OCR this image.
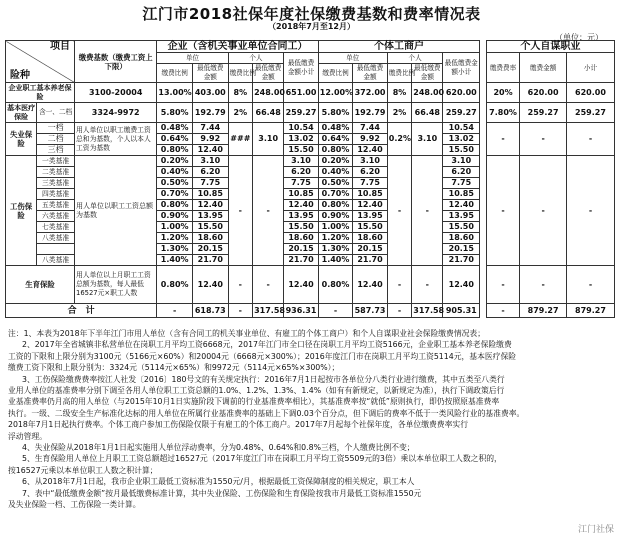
江门市2018社保年度社保缴费基数和费率情况表
（2018年7月至12月）
（单位：元）
项目
险种		缴费基数（缴费工资上下限）	企业（含机关事业单位合同工）					个体工商户						个人自谋职业		
			单位		个人		最低缴费金额小计	单位		个人		最低缴费金额小计		缴费费率	缴费金额	小计
			缴费比例	最低缴费金额	缴费比例	最低缴费金额		缴费比例	最低缴费金额	缴费比例	最低缴费金额					
企业职工基本养老保险		3100-20004	13.00%	403.00	8%	248.00	651.00	12.00%	372.00	8%	248.00	620.00		20%	620.00	620.00
基本医疗保险	含一、二档	3324-9972	5.80%	192.79	2%	66.48	259.27	5.80%	192.79	2%	66.48	259.27		7.80%	259.27	259.27
失业保险	一档	用人单位以职工缴费工资总和为基数，个人以本人工资为基数	0.48%	7.44	###	3.10	10.54	0.48%	7.44	0.2%	3.10	10.54		-	-	-
	二档		0.64%	9.92			13.02	0.64%	9.92			13.02				
	三档		0.80%	12.40			15.50	0.80%	12.40			15.50				
工伤保险	一类基准	用人单位以职工工资总额为基数	0.20%	3.10	-	-	3.10	0.20%	3.10	-	-	3.10		-	-	-
	二类基准		0.40%	6.20			6.20	0.40%	6.20			6.20				
	三类基准		0.50%	7.75			7.75	0.50%	7.75			7.75				
	四类基准		0.70%	10.85			10.85	0.70%	10.85			10.85				
	五类基准		0.80%	12.40			12.40	0.80%	12.40			12.40				
	六类基准		0.90%	13.95			13.95	0.90%	13.95			13.95				
	七类基准		1.00%	15.50			15.50	1.00%	15.50			15.50				
	八类基准		1.20%	18.60			18.60	1.20%	18.60			18.60				
			1.30%	20.15			20.15	1.30%	20.15			20.15				
	八类基准		1.40%	21.70			21.70	1.40%	21.70			21.70				
生育保险		用人单位以上月职工工资总额为基数，每人最低16527元×职工人数	0.80%	12.40	-	-	12.40	0.80%	12.40	-	-	12.40		-	-	-
合　计			-	618.73	-	317.58	936.31	-	587.73	-	317.58	905.31		-	879.27	879.27

注：1、本表为2018年下半年江门市用人单位（含有合同工的机关事业单位、有雇工的个体工商户）和个人自谋职业社会保险缴费情况表；

2、2017年全省城镇非私营单位在岗职工月平均工资6668元，2017年江门市全口径在岗职工月平均工资5166元，企业职工基本养老保险缴费

工资的下限和上限分别为3100元（5166元×60%）和20004元（6668元×300%）；2016年度江门市在岗职工月平均工资5114元，基本医疗保险

缴费工资下限和上限分别为：3324元（5114元×65%）和9972元（5114元×65%×300%）；

3、工伤保险缴费费率按江人社发〔2016〕180号文的有关规定执行：2016年7月1日起按市各单位分八类行业进行缴费，其中五类至八类行

业用人单位的基准费率分别下调至各用人单位职工工资总额的1.0%、1.2%、1.3%、1.4%（如有有新规定，以新规定为准），执行下调政策后行

业基准费率仍月高的用人单位（与2015年10月1日实施阶段下调前的行业基准费率相比），其基准费率按“就低”原则执行，即仍按照原基准费率

执行。一级、二级安全生产标准化达标的用人单位在所属行业基准费率的基础上下调0.03个百分点，但下调后的费率不低于一类风险行业的基准费率。

2018年7月1日起执行费率。个体工商户参加工伤保险仅限于有雇工的个体工商户。2017年7月起每个社保年度，各单位缴费费率实行

浮动管理。

4、失业保险从2018年1月1日起实施用人单位浮动费率，分为0.48%、0.64%和0.8%三档，个人缴费比例不变；

5、生育保险用人单位上月职工工资总额超过16527元（2017年度江门市在岗职工月平均工资5509元的3倍）乘以本单位职工人数之积的，

按16527元乘以本单位职工人数之积计算；

6、从2018年7月1日起，我市企业职工最低工资标准为1550元/月，根据最低工资保障制度的相关规定，职工本人

7、表中“最低缴费金额”按月最低缴费标准计算，其中失业保险、工伤保险和生育保险按我市月最低工资标准1550元

及失业保险一档、工伤保险一类计算。

江门社保
